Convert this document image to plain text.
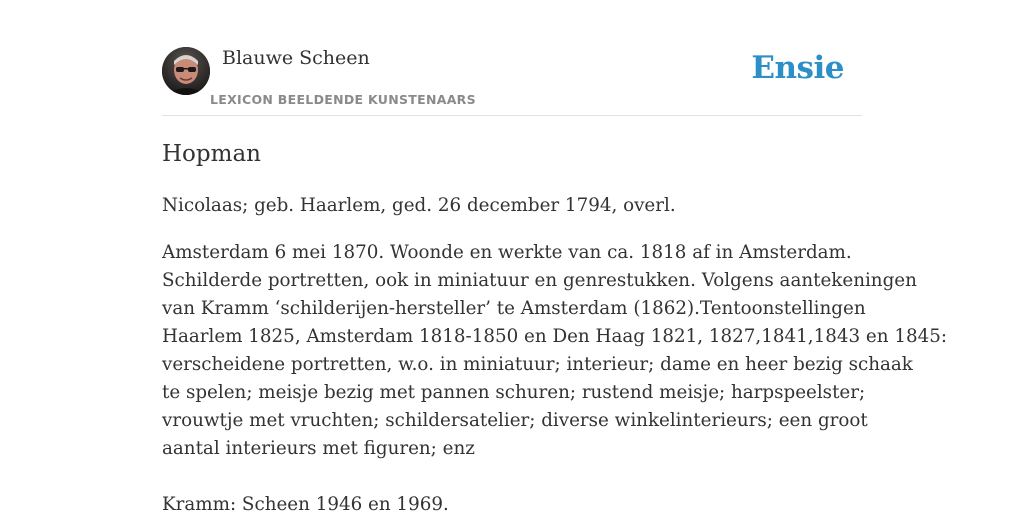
Blauwe Scheen
LEXICON BEELDENDE KUNSTENAARS
Ensie
Hopman

Nicolaas; geb. Haarlem, ged. 26 december 1794, overl.

Amsterdam 6 mei 1870. Woonde en werkte van ca. 1818 af in Amsterdam.
Schilderde portretten, ook in miniatuur en genrestukken. Volgens aantekeningen
van Kramm ‘schilderijen-hersteller’ te Amsterdam (1862).Tentoonstellingen
Haarlem 1825, Amsterdam 1818-1850 en Den Haag 1821, 1827,1841,1843 en 1845:
verscheidene portretten, w.o. in miniatuur; interieur; dame en heer bezig schaak
te spelen; meisje bezig met pannen schuren; rustend meisje; harpspeelster;
vrouwtje met vruchten; schildersatelier; diverse winkelinterieurs; een groot
aantal interieurs met figuren; enz

Kramm: Scheen 1946 en 1969.
